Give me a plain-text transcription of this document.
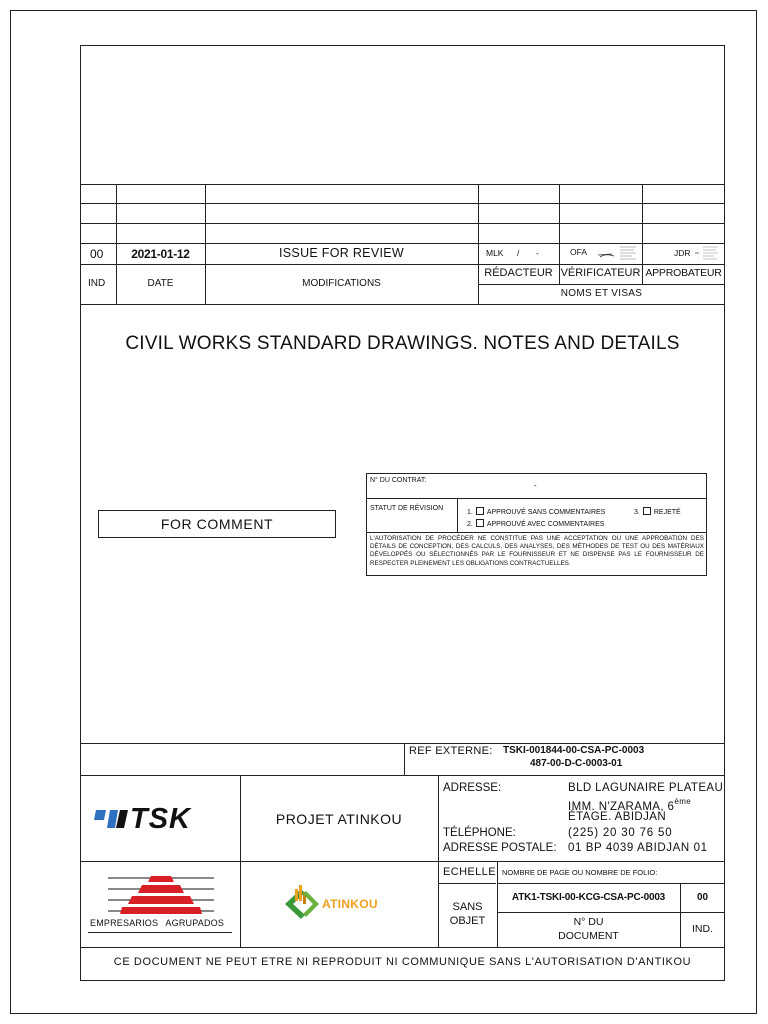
00	2021-01-12	ISSUE FOR REVIEW	MLK / -	OFA	JDR
IND	DATE	MODIFICATIONS
RÉDACTEUR VÉRIFICATEUR APPROBATEUR
NOMS ET VISAS
CIVIL WORKS STANDARD DRAWINGS. NOTES AND DETAILS
FOR COMMENT
N° DU CONTRAT:
-
STATUT DE RÉVISION
1. APPROUVÉ SANS COMMENTAIRES	3. REJETÉ
2. APPROUVÉ AVEC COMMENTAIRES
L'AUTORISATION DE PROCÉDER NE CONSTITUE PAS UNE ACCEPTATION OU UNE APPROBATION DES DÉTAILS DE CONCEPTION, DES CALCULS, DES ANALYSES, DES MÉTHODES DE TEST OU DES MATÉRIAUX DÉVELOPPÉS OU SÉLECTIONNÉS PAR LE FOURNISSEUR ET NE DISPENSE PAS LE FOURNISSEUR DE RESPECTER PLEINEMENT LES OBLIGATIONS CONTRACTUELLES.
REF EXTERNE: TSKI-001844-00-CSA-PC-0003
487-00-D-C-0003-01
TSK	PROJET ATINKOU
ADRESSE:	BLD LAGUNAIRE PLATEAU
IMM. N'ZARAMA, 6ème
ÉTAGE. ABIDJAN
TÉLÉPHONE:	(225) 20 30 76 50
ADRESSE POSTALE: 01 BP 4039 ABIDJAN 01
EMPRESARIOS AGRUPADOS
ATINKOU
ECHELLE
SANS
OBJET
NOMBRE DE PAGE OU NOMBRE DE FOLIO:
ATK1-TSKI-00-KCG-CSA-PC-0003	00
N° DU
DOCUMENT
IND.
CE DOCUMENT NE PEUT ETRE NI REPRODUIT NI COMMUNIQUE SANS L'AUTORISATION D'ANTIKOU
